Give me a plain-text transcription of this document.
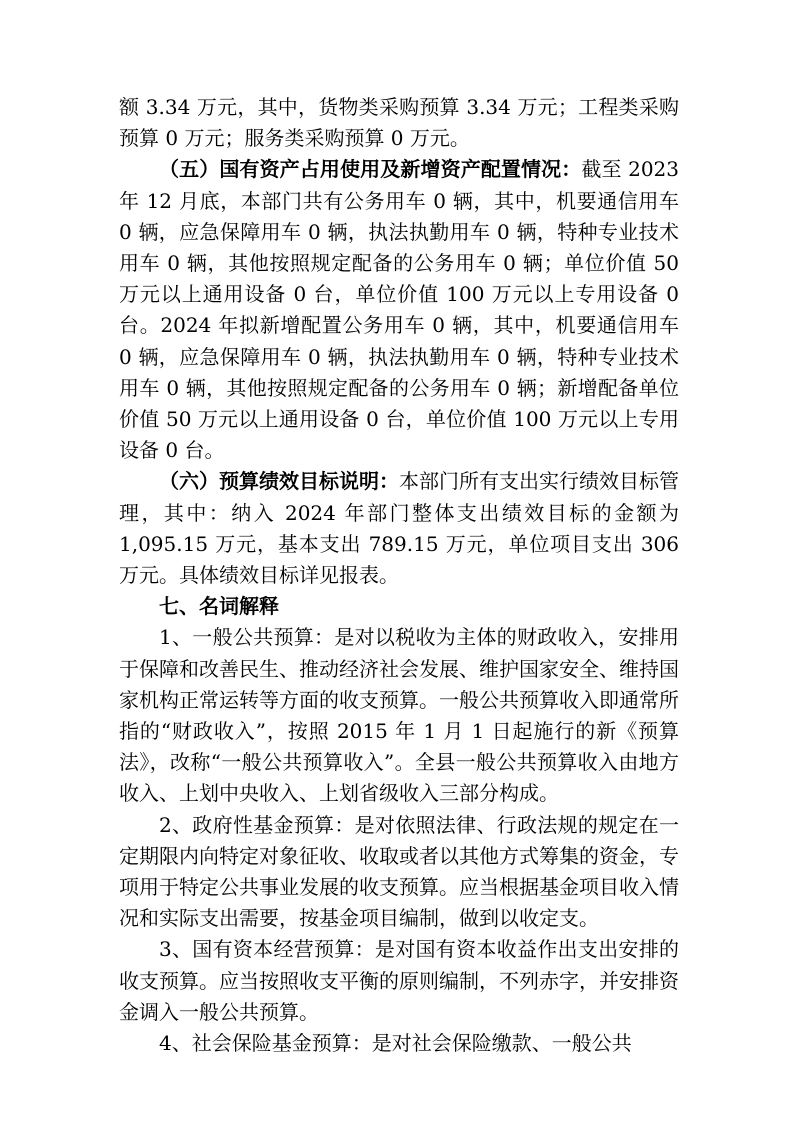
额 3.34 万元，其中，货物类采购预算 3.34 万元；工程类采购预算 0 万元；服务类采购预算 0 万元。

（五）国有资产占用使用及新增资产配置情况：截至 2023 年 12 月底，本部门共有公务用车 0 辆，其中，机要通信用车 0 辆，应急保障用车 0 辆，执法执勤用车 0 辆，特种专业技术用车 0 辆，其他按照规定配备的公务用车 0 辆；单位价值 50 万元以上通用设备 0 台，单位价值 100 万元以上专用设备 0 台。2024 年拟新增配置公务用车 0 辆，其中，机要通信用车 0 辆，应急保障用车 0 辆，执法执勤用车 0 辆，特种专业技术用车 0 辆，其他按照规定配备的公务用车 0 辆；新增配备单位价值 50 万元以上通用设备 0 台，单位价值 100 万元以上专用设备 0 台。

（六）预算绩效目标说明：本部门所有支出实行绩效目标管理，其中：纳入 2024 年部门整体支出绩效目标的金额为 1,095.15 万元，基本支出 789.15 万元，单位项目支出 306 万元。具体绩效目标详见报表。

七、名词解释

1、一般公共预算：是对以税收为主体的财政收入，安排用于保障和改善民生、推动经济社会发展、维护国家安全、维持国家机构正常运转等方面的收支预算。一般公共预算收入即通常所指的“财政收入”，按照 2015 年 1 月 1 日起施行的新《预算法》，改称“一般公共预算收入”。全县一般公共预算收入由地方收入、上划中央收入、上划省级收入三部分构成。

2、政府性基金预算：是对依照法律、行政法规的规定在一定期限内向特定对象征收、收取或者以其他方式筹集的资金，专项用于特定公共事业发展的收支预算。应当根据基金项目收入情况和实际支出需要，按基金项目编制，做到以收定支。

3、国有资本经营预算：是对国有资本收益作出支出安排的收支预算。应当按照收支平衡的原则编制，不列赤字，并安排资金调入一般公共预算。

4、社会保险基金预算：是对社会保险缴款、一般公共
